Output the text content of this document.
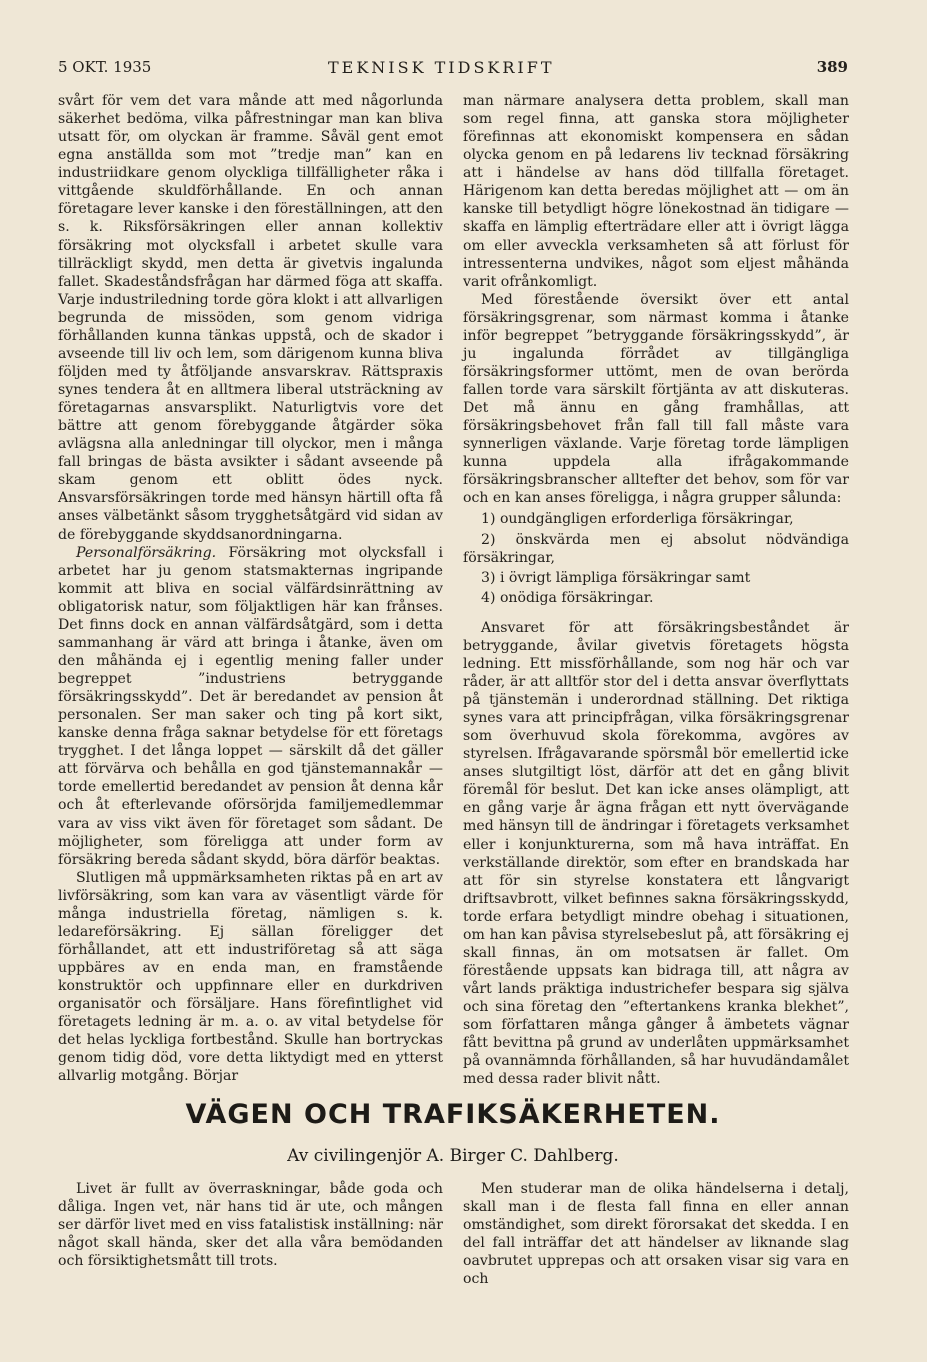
5 OKT. 1935	TEKNISK TIDSKRIFT	389

svårt för vem det vara månde att med någorlunda säkerhet bedöma, vilka påfrestningar man kan bliva utsatt för, om olyckan är framme. Såväl gent emot egna anställda som mot ”tredje man” kan en industriidkare genom olyckliga tillfälligheter råka i vittgående skuldförhållande. En och annan företagare lever kanske i den föreställningen, att den s. k. Riksförsäkringen eller annan kollektiv försäkring mot olycksfall i arbetet skulle vara tillräckligt skydd, men detta är givetvis ingalunda fallet. Skadeståndsfrågan har därmed föga att skaffa. Varje industriledning torde göra klokt i att allvarligen begrunda de missöden, som genom vidriga förhållanden kunna tänkas uppstå, och de skador i avseende till liv och lem, som därigenom kunna bliva följden med ty åtföljande ansvarskrav. Rättspraxis synes tendera åt en alltmera liberal utsträckning av företagarnas ansvarsplikt. Naturligtvis vore det bättre att genom förebyggande åtgärder söka avlägsna alla anledningar till olyckor, men i många fall bringas de bästa avsikter i sådant avseende på skam genom ett oblitt ödes nyck. Ansvarsförsäkringen torde med hänsyn härtill ofta få anses välbetänkt såsom trygghetsåtgärd vid sidan av de förebyggande skyddsanordningarna.

Personalförsäkring. Försäkring mot olycksfall i arbetet har ju genom statsmakternas ingripande kommit att bliva en social välfärdsinrättning av obligatorisk natur, som följaktligen här kan frånses. Det finns dock en annan välfärdsåtgärd, som i detta sammanhang är värd att bringa i åtanke, även om den måhända ej i egentlig mening faller under begreppet ”industriens betryggande försäkringsskydd”. Det är beredandet av pension åt personalen. Ser man saker och ting på kort sikt, kanske denna fråga saknar betydelse för ett företags trygghet. I det långa loppet — särskilt då det gäller att förvärva och behålla en god tjänstemannakår — torde emellertid beredandet av pension åt denna kår och åt efterlevande oförsörjda familjemedlemmar vara av viss vikt även för företaget som sådant. De möjligheter, som föreligga att under form av försäkring bereda sådant skydd, böra därför beaktas.

Slutligen må uppmärksamheten riktas på en art av livförsäkring, som kan vara av väsentligt värde för många industriella företag, nämligen s. k. ledareförsäkring. Ej sällan föreligger det förhållandet, att ett industriföretag så att säga uppbäres av en enda man, en framstående konstruktör och uppfinnare eller en durkdriven organisatör och försäljare. Hans förefintlighet vid företagets ledning är m. a. o. av vital betydelse för det helas lyckliga fortbestånd. Skulle han bortryckas genom tidig död, vore detta liktydigt med en ytterst allvarlig motgång. Börjar

man närmare analysera detta problem, skall man som regel finna, att ganska stora möjligheter förefinnas att ekonomiskt kompensera en sådan olycka genom en på ledarens liv tecknad försäkring att i händelse av hans död tillfalla företaget. Härigenom kan detta beredas möjlighet att — om än kanske till betydligt högre lönekostnad än tidigare — skaffa en lämplig efterträdare eller att i övrigt lägga om eller avveckla verksamheten så att förlust för intressenterna undvikes, något som eljest måhända varit ofrånkomligt.

Med förestående översikt över ett antal försäkringsgrenar, som närmast komma i åtanke inför begreppet ”betryggande försäkringsskydd”, är ju ingalunda förrådet av tillgängliga försäkringsformer uttömt, men de ovan berörda fallen torde vara särskilt förtjänta av att diskuteras. Det må ännu en gång framhållas, att försäkringsbehovet från fall till fall måste vara synnerligen växlande. Varje företag torde lämpligen kunna uppdela alla ifrågakommande försäkringsbranscher alltefter det behov, som för var och en kan anses föreligga, i några grupper sålunda:

1) oundgängligen erforderliga försäkringar,
2) önskvärda men ej absolut nödvändiga försäkringar,
3) i övrigt lämpliga försäkringar samt
4) onödiga försäkringar.

Ansvaret för att försäkringsbeståndet är betryggande, åvilar givetvis företagets högsta ledning. Ett missförhållande, som nog här och var råder, är att alltför stor del i detta ansvar överflyttats på tjänstemän i underordnad ställning. Det riktiga synes vara att principfrågan, vilka försäkringsgrenar som överhuvud skola förekomma, avgöres av styrelsen. Ifrågavarande spörsmål bör emellertid icke anses slutgiltigt löst, därför att det en gång blivit föremål för beslut. Det kan icke anses olämpligt, att en gång varje år ägna frågan ett nytt övervägande med hänsyn till de ändringar i företagets verksamhet eller i konjunkturerna, som må hava inträffat. En verkställande direktör, som efter en brandskada har att för sin styrelse konstatera ett långvarigt driftsavbrott, vilket befinnes sakna försäkringsskydd, torde erfara betydligt mindre obehag i situationen, om han kan påvisa styrelsebeslut på, att försäkring ej skall finnas, än om motsatsen är fallet. Om förestående uppsats kan bidraga till, att några av vårt lands präktiga industrichefer bespara sig själva och sina företag den ”eftertankens kranka blekhet”, som författaren många gånger å ämbetets vägnar fått bevittna på grund av underlåten uppmärksamhet på ovannämnda förhållanden, så har huvudändamålet med dessa rader blivit nått.

VÄGEN OCH TRAFIKSÄKERHETEN.
Av civilingenjör A. Birger C. Dahlberg.

Livet är fullt av överraskningar, både goda och dåliga. Ingen vet, när hans tid är ute, och mången ser därför livet med en viss fatalistisk inställning: när något skall hända, sker det alla våra bemödanden och försiktighetsmått till trots.

Men studerar man de olika händelserna i detalj, skall man i de flesta fall finna en eller annan omständighet, som direkt förorsakat det skedda. I en del fall inträffar det att händelser av liknande slag oavbrutet upprepas och att orsaken visar sig vara en och
